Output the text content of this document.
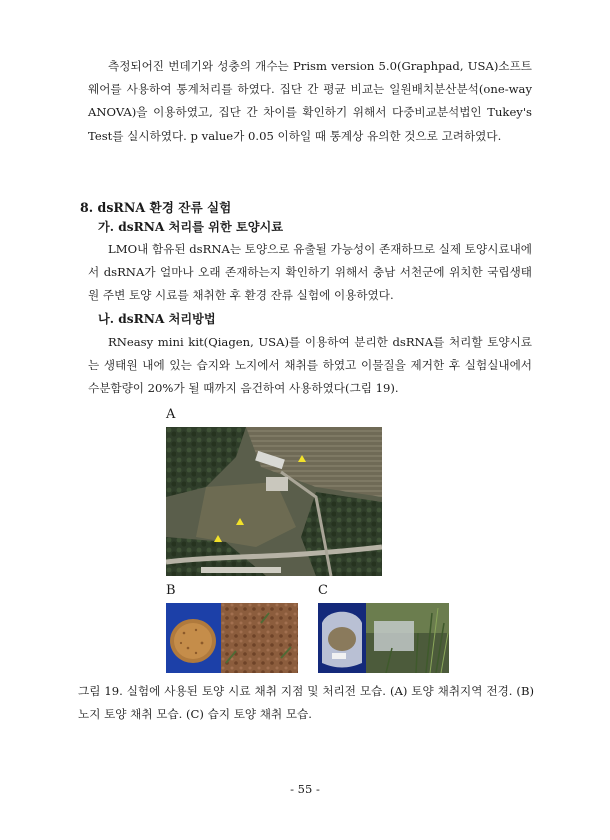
측정되어진 번데기와 성충의 개수는 Prism version 5.0(Graphpad, USA)소프트웨어를 사용하여 통계처리를 하였다. 집단 간 평균 비교는 일원배치분산분석(one-way ANOVA)을 이용하였고, 집단 간 차이를 확인하기 위해서 다중비교분석법인 Tukey's Test를 실시하였다. p value가 0.05 이하일 때 통계상 유의한 것으로 고려하였다.
8. dsRNA 환경 잔류 실험
가. dsRNA 처리를 위한 토양시료
LMO내 함유된 dsRNA는 토양으로 유출될 가능성이 존재하므로 실제 토양시료내에서 dsRNA가 얼마나 오래 존재하는지 확인하기 위해서 충남 서천군에 위치한 국립생태원 주변 토양 시료를 채취한 후 환경 잔류 실험에 이용하였다.
나. dsRNA 처리방법
RNeasy mini kit(Qiagen, USA)를 이용하여 분리한 dsRNA를 처리할 토양시료는 생태원 내에 있는 습지와 노지에서 채취를 하였고 이물질을 제거한 후 실험실내에서 수분함량이 20%가 될 때까지 음건하여 사용하였다(그림 19).
A
B	C
그림 19. 실험에 사용된 토양 시료 채취 지점 및 처리전 모습. (A) 토양 채취지역 전경. (B) 노지 토양 채취 모습. (C) 습지 토양 채취 모습.
- 55 -
